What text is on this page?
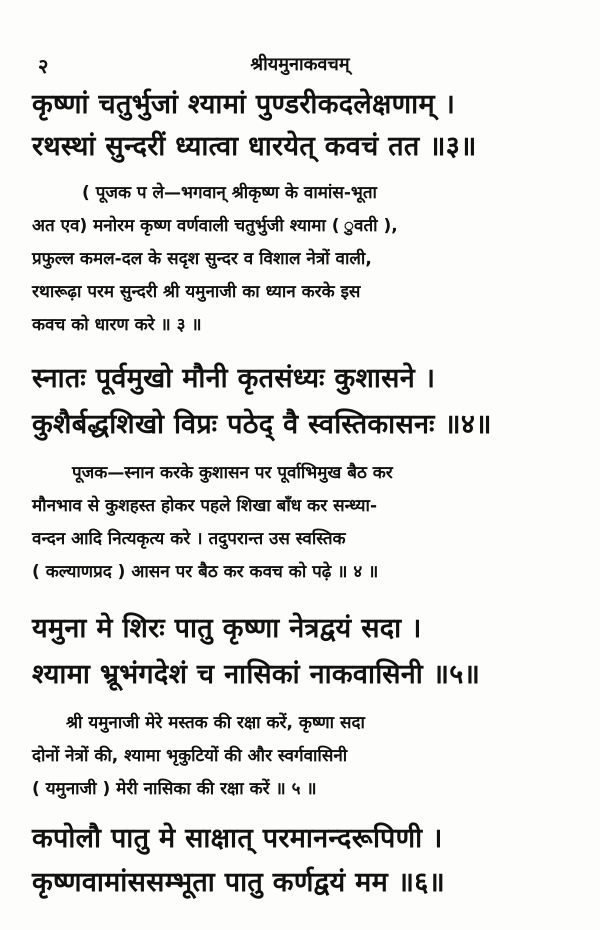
२	श्रीयमुनाकवचम्
कृष्णां चतुर्भुजां श्यामां पुण्डरीकदलेक्षणाम् ।
रथस्थां सुन्दरीं ध्यात्वा धारयेत् कवचं तत ॥३॥
( पूजक प ले—भगवान् श्रीकृष्ण के वामांस-भूता
अत एव) मनोरम कृष्ण वर्णवाली चतुर्भुजी श्यामा ( ुवती ),
प्रफुल्ल कमल-दल के सदृश सुन्दर व विशाल नेत्रों वाली,
रथारूढ़ा परम सुन्दरी श्री यमुनाजी का ध्यान करके इस
कवच को धारण करे ॥ ३ ॥
स्नातः पूर्वमुखो मौनी कृतसंध्यः कुशासने ।
कुशैर्बद्धशिखो विप्रः पठेद् वै स्वस्तिकासनः ॥४॥
पूजक—स्नान करके कुशासन पर पूर्वाभिमुख बैठ कर
मौनभाव से कुशहस्त होकर पहले शिखा बाँध कर सन्ध्या-
वन्दन आदि नित्यकृत्य करे । तदुपरान्त उस स्वस्तिक
( कल्याणप्रद ) आसन पर बैठ कर कवच को पढ़े ॥ ४ ॥
यमुना मे शिरः पातु कृष्णा नेत्रद्वयं सदा ।
श्यामा भ्रूभंगदेशं च नासिकां नाकवासिनी ॥५॥
श्री यमुनाजी मेरे मस्तक की रक्षा करें, कृष्णा सदा
दोनों नेत्रों की, श्यामा भृकुटियों की और स्वर्गवासिनी
( यमुनाजी ) मेरी नासिका की रक्षा करें ॥ ५ ॥
कपोलौ पातु मे साक्षात् परमानन्दरूपिणी ।
कृष्णवामांससम्भूता पातु कर्णद्वयं मम ॥६॥
